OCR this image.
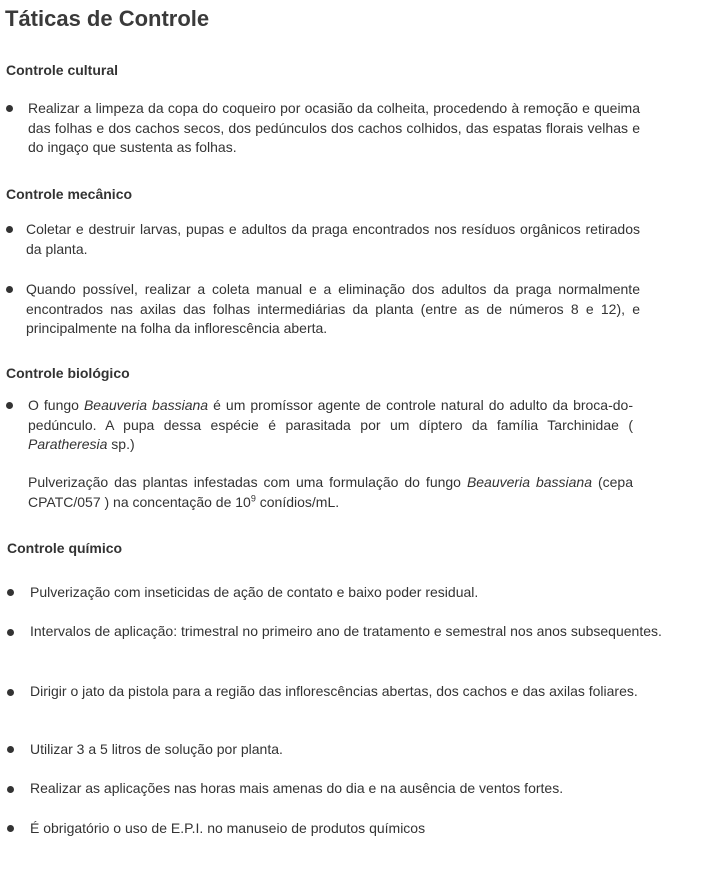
Táticas de Controle
Controle cultural
Realizar a limpeza da copa do coqueiro por ocasião da colheita, procedendo à remoção e queima das folhas e dos cachos secos, dos pedúnculos dos cachos colhidos, das espatas florais velhas e do ingaço que sustenta as folhas.
Controle mecânico
Coletar e destruir larvas, pupas e adultos da praga encontrados nos resíduos orgânicos retirados da planta.
Quando possível, realizar a coleta manual e a eliminação dos adultos da praga normalmente encontrados nas axilas das folhas intermediárias da planta (entre as de números 8 e 12), e principalmente na folha da inflorescência aberta.
Controle biológico
O fungo Beauveria bassiana é um promíssor agente de controle natural do adulto da broca-do-pedúnculo. A pupa dessa espécie é parasitada por um díptero da família Tarchinidae ( Paratheresia sp.)
Pulverização das plantas infestadas com uma formulação do fungo Beauveria bassiana (cepa CPATC/057 ) na concentação de $10^9$ conídios/mL.
Controle químico
Pulverização com inseticidas de ação de contato e baixo poder residual.
Intervalos de aplicação: trimestral no primeiro ano de tratamento e semestral nos anos subsequentes.
Dirigir o jato da pistola para a região das inflorescências abertas, dos cachos e das axilas foliares.
Utilizar 3 a 5 litros de solução por planta.
Realizar as aplicações nas horas mais amenas do dia e na ausência de ventos fortes.
É obrigatório o uso de E.P.I. no manuseio de produtos químicos
